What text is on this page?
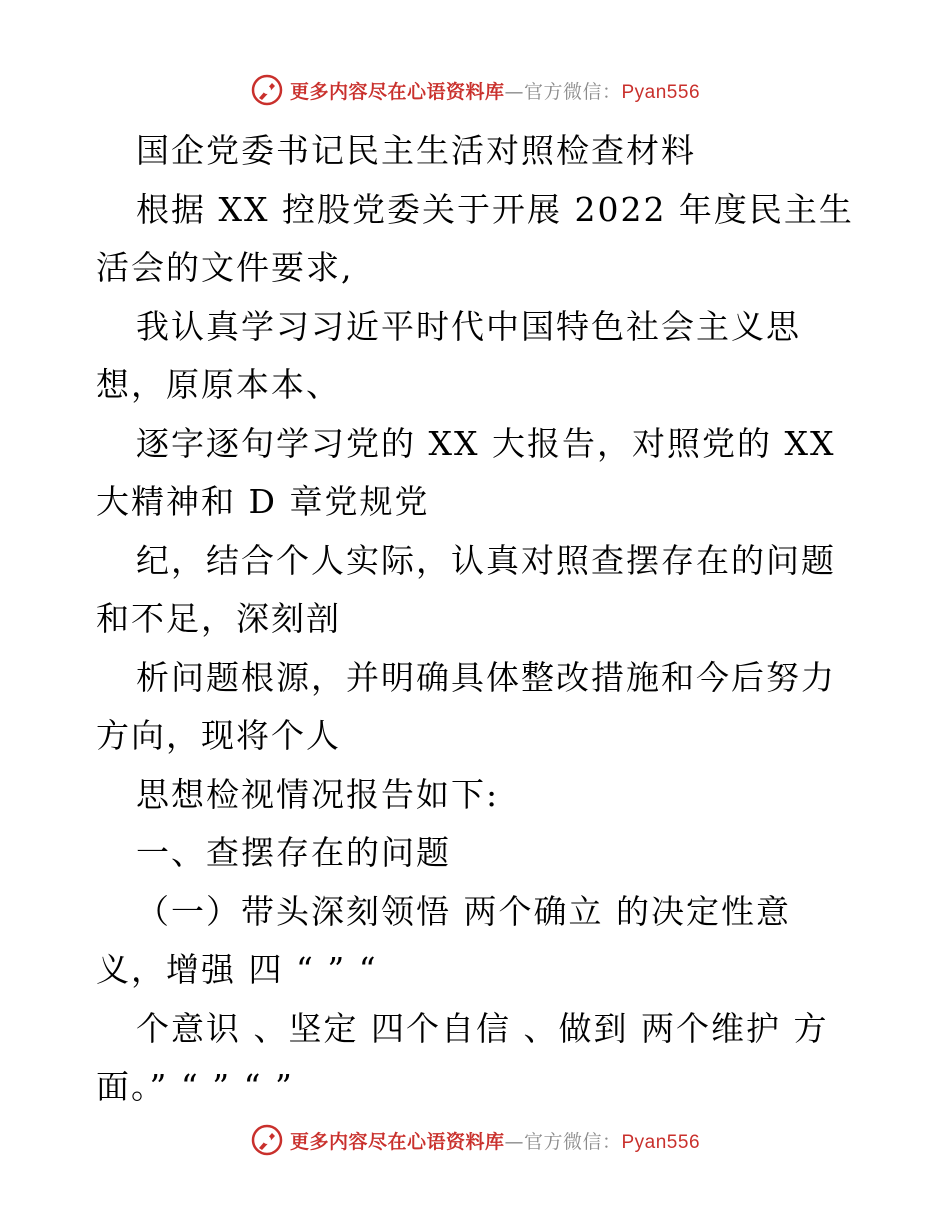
更多内容尽在心语资料库—官方微信：Pyan556

国企党委书记民主生活对照检查材料

根据 XX 控股党委关于开展 2022 年度民主生活会的文件要求,

我认真学习习近平时代中国特色社会主义思想，原原本本、

逐字逐句学习党的 XX 大报告，对照党的 XX 大精神和 D 章党规党

纪，结合个人实际，认真对照查摆存在的问题和不足，深刻剖

析问题根源，并明确具体整改措施和今后努力方向，现将个人

思想检视情况报告如下:

一、查摆存在的问题

（一）带头深刻领悟 两个确立 的决定性意义，增强 四 “ ” “

个意识 、坚定 四个自信 、做到 两个维护 方面。” “ ” “ ”

更多内容尽在心语资料库—官方微信：Pyan556
